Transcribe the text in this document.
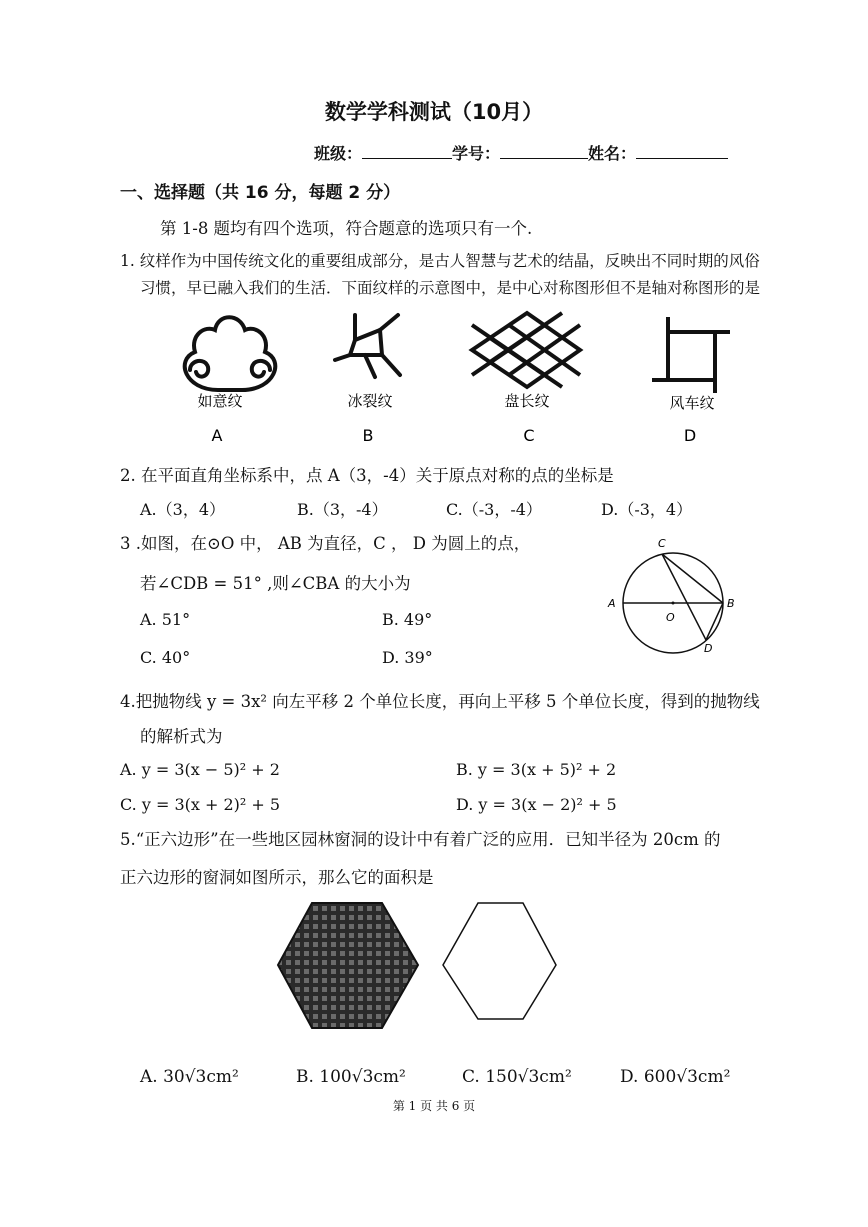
数学学科测试（10月）
班级：	学号：	姓名：
一、选择题（共 16 分，每题 2 分）
第 1-8 题均有四个选项，符合题意的选项只有一个.
1. 纹样作为中国传统文化的重要组成部分，是古人智慧与艺术的结晶，反映出不同时期的风俗
习惯，早已融入我们的生活．下面纹样的示意图中，是中心对称图形但不是轴对称图形的是
如意纹
A
冰裂纹
B
盘长纹
C
风车纹
D
2. 在平面直角坐标系中，点 A（3，-4）关于原点对称的点的坐标是
A.（3，4）	B.（3，-4）	C.（-3，-4）	D.（-3，4）
3 .如图，在⊙O 中， AB 为直径，C ， D 为圆上的点，
若∠CDB = 51° ,则∠CBA 的大小为
A. 51°	B. 49°
C. 40°	D. 39°
C
A	B
O
D
4.把抛物线 y = 3x² 向左平移 2 个单位长度，再向上平移 5 个单位长度，得到的抛物线
的解析式为
A. y = 3(x − 5)² + 2	B. y = 3(x + 5)² + 2
C. y = 3(x + 2)² + 5	D. y = 3(x − 2)² + 5
5.“正六边形”在一些地区园林窗洞的设计中有着广泛的应用．已知半径为 20cm 的
正六边形的窗洞如图所示，那么它的面积是
A. 30√3cm²	B. 100√3cm²	C. 150√3cm²	D. 600√3cm²
第 1 页 共 6 页
